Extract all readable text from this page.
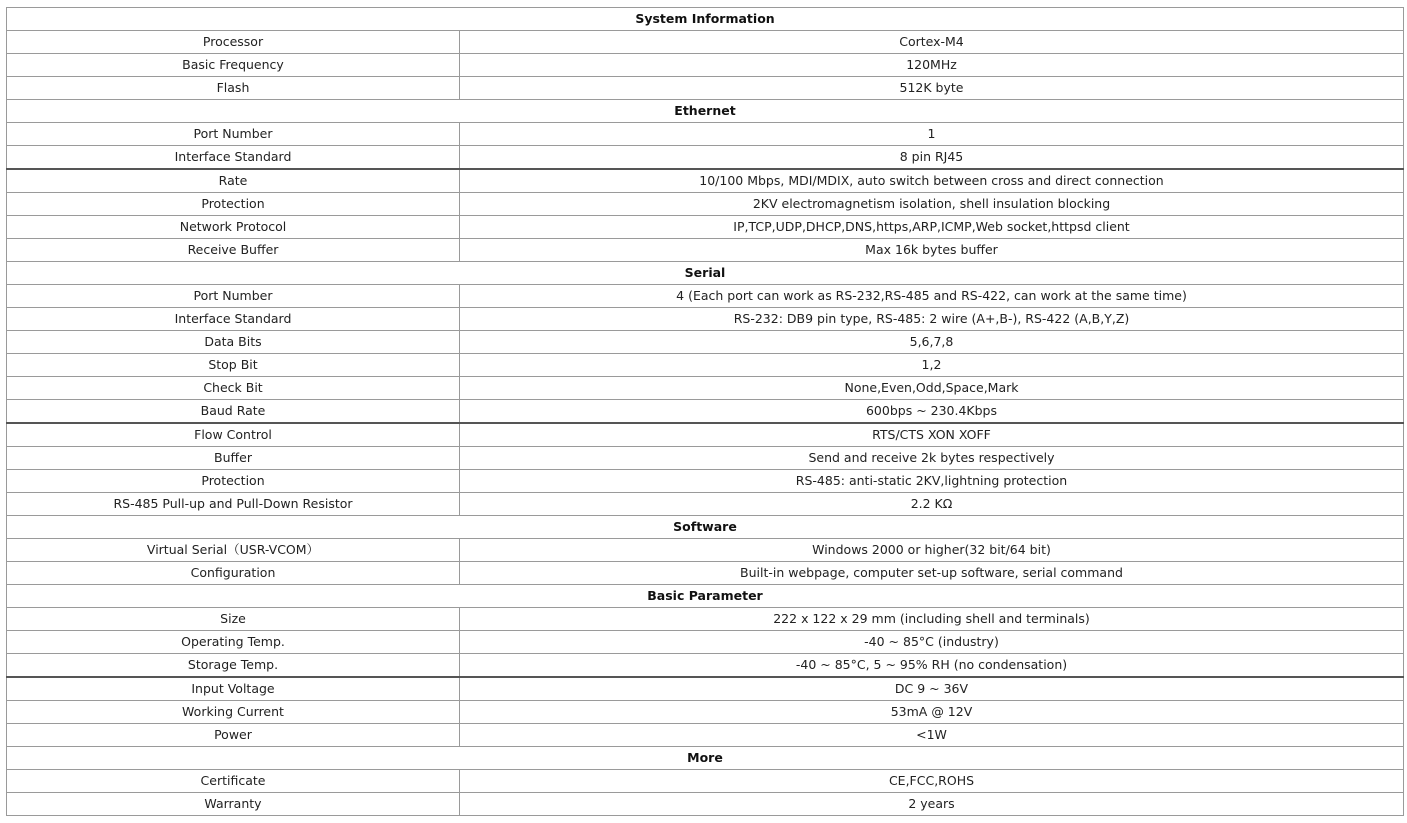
System Information	
Processor	Cortex-M4
Basic Frequency	120MHz
Flash	512K byte
Ethernet	
Port Number	1
Interface Standard	8 pin RJ45
Rate	10/100 Mbps, MDI/MDIX, auto switch between cross and direct connection
Protection	2KV electromagnetism isolation, shell insulation blocking
Network Protocol	IP,TCP,UDP,DHCP,DNS,https,ARP,ICMP,Web socket,httpsd client
Receive Buffer	Max 16k bytes buffer
Serial	
Port Number	4 (Each port can work as RS-232,RS-485 and RS-422, can work at the same time)
Interface Standard	RS-232: DB9 pin type, RS-485: 2 wire (A+,B-), RS-422 (A,B,Y,Z)
Data Bits	5,6,7,8
Stop Bit	1,2
Check Bit	None,Even,Odd,Space,Mark
Baud Rate	600bps ~ 230.4Kbps
Flow Control	RTS/CTS XON XOFF
Buffer	Send and receive 2k bytes respectively
Protection	RS-485: anti-static 2KV,lightning protection
RS-485 Pull-up and Pull-Down Resistor	2.2 KΩ
Software	
Virtual Serial（USR-VCOM）	Windows 2000 or higher(32 bit/64 bit)
Configuration	Built-in webpage, computer set-up software, serial command
Basic Parameter	
Size	222 x 122 x 29 mm (including shell and terminals)
Operating Temp.	-40 ~ 85°C (industry)
Storage Temp.	-40 ~ 85°C, 5 ~ 95% RH (no condensation)
Input Voltage	DC 9 ~ 36V
Working Current	53mA @ 12V
Power	<1W
More	
Certificate	CE,FCC,ROHS
Warranty	2 years
